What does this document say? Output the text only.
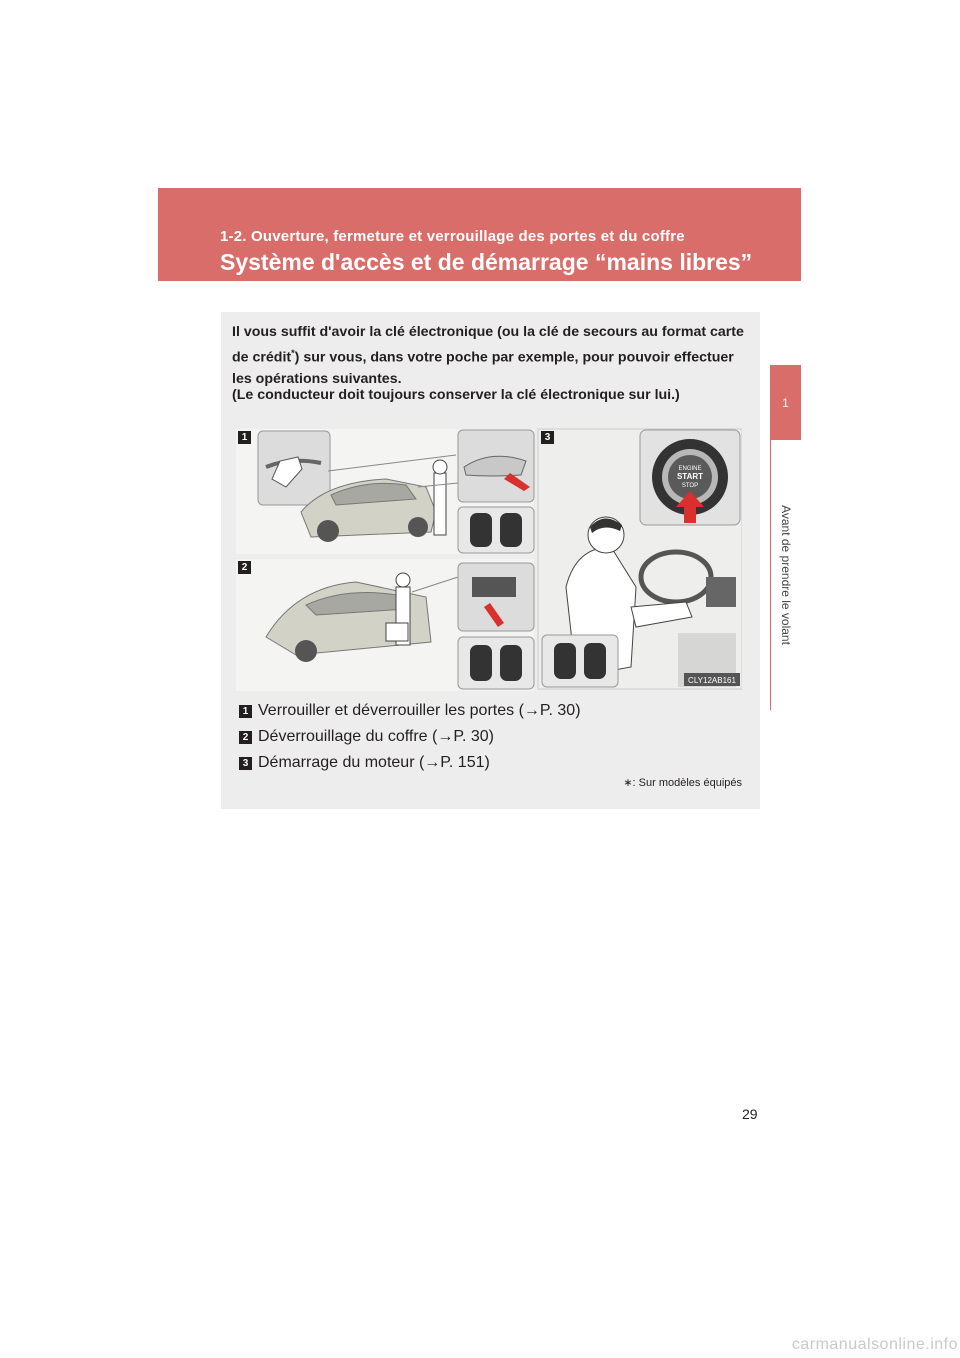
1-2. Ouverture, fermeture et verrouillage des portes et du coffre
Système d'accès et de démarrage “mains libres”
1
Avant de prendre le volant

Il vous suffit d'avoir la clé électronique (ou la clé de secours au format carte de crédit*) sur vous, dans votre poche par exemple, pour pouvoir effectuer les opérations suivantes.

(Le conducteur doit toujours conserver la clé électronique sur lui.)

ENGINE
START
STOP
CLY12AB161
1
2
3
1 Verrouiller et déverrouiller les portes (→P. 30)
2 Déverrouillage du coffre (→P. 30)
3 Démarrage du moteur (→P. 151)
∗: Sur modèles équipés
29
carmanualsonline.info
